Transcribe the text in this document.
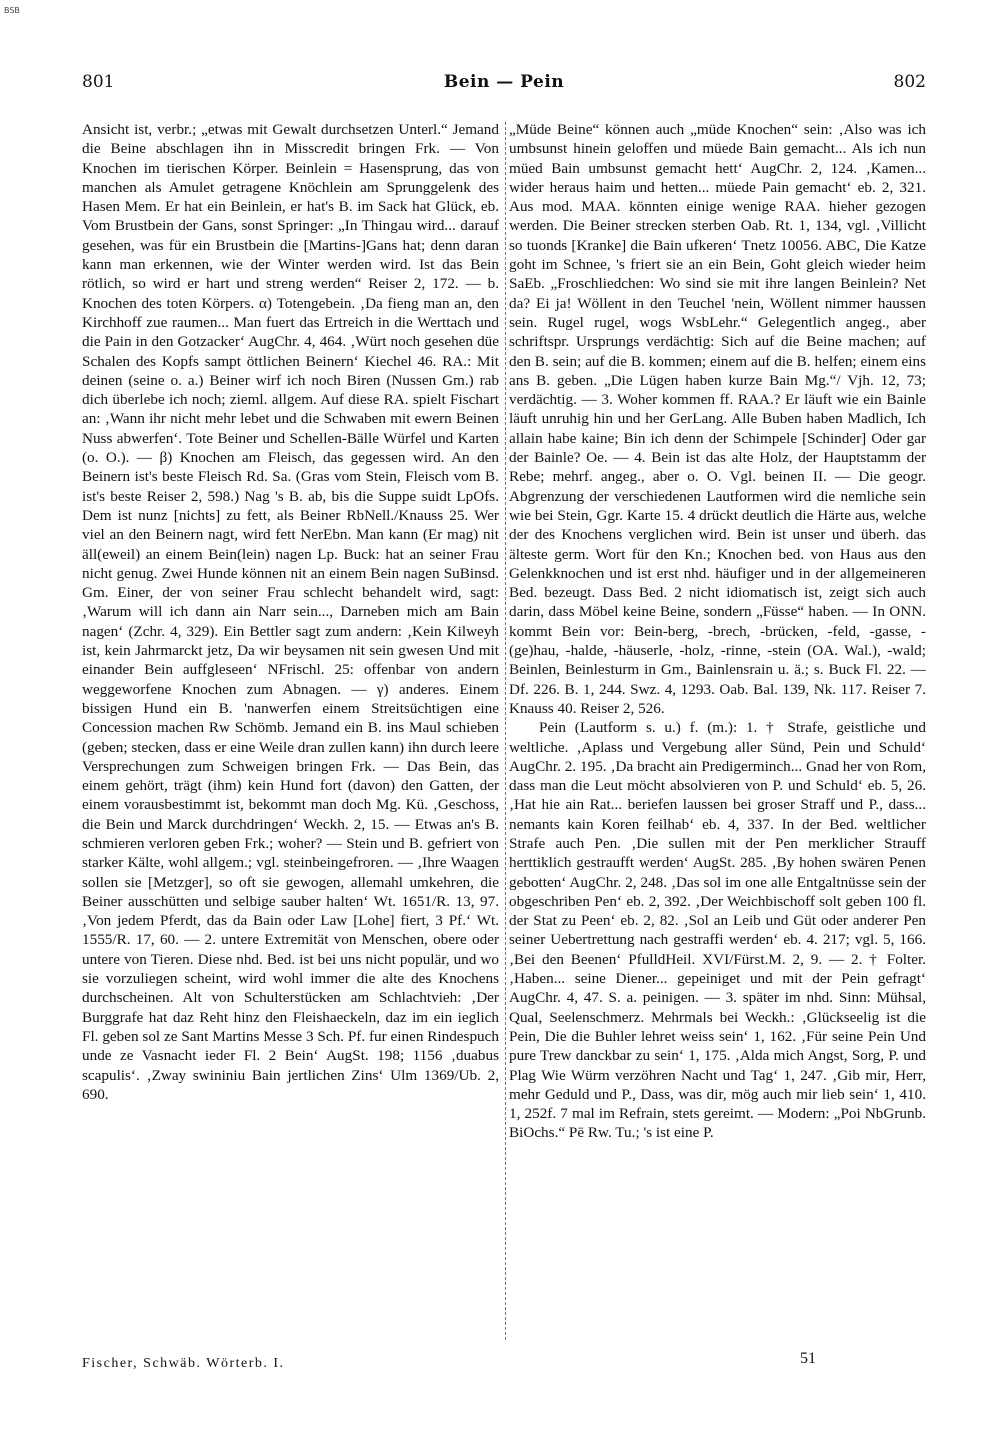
BSB
801	Bein — Pein	802

Ansicht ist, verbr.; „etwas mit Gewalt durchsetzen Unterl.“ Jemand die Beine abschlagen ihn in Misscredit bringen Frk. — Von Knochen im tierischen Körper. Beinlein = Hasensprung, das von manchen als Amulet getragene Knöchlein am Sprunggelenk des Hasen Mem. Er hat ein Beinlein, er hat's B. im Sack hat Glück, eb. Vom Brustbein der Gans, sonst Springer: „In Thingau wird... darauf gesehen, was für ein Brustbein die [Martins-]Gans hat; denn daran kann man erkennen, wie der Winter werden wird. Ist das Bein rötlich, so wird er hart und streng werden“ Reiser 2, 172. — b. Knochen des toten Körpers. α) Totengebein. ‚Da fieng man an, den Kirchhoff zue raumen... Man fuert das Ertreich in die Werttach und die Pain in den Gotzacker‘ AugChr. 4, 464. ‚Würt noch gesehen düe Schalen des Kopfs sampt öttlichen Beinern‘ Kiechel 46. RA.: Mit deinen (seine o. a.) Beiner wirf ich noch Biren (Nussen Gm.) rab dich überlebe ich noch; zieml. allgem. Auf diese RA. spielt Fischart an: ‚Wann ihr nicht mehr lebet und die Schwaben mit ewern Beinen Nuss abwerfen‘. Tote Beiner und Schellen-Bälle Würfel und Karten (o. O.). — β) Knochen am Fleisch, das gegessen wird. An den Beinern ist's beste Fleisch Rd. Sa. (Gras vom Stein, Fleisch vom B. ist's beste Reiser 2, 598.) Nag 's B. ab, bis die Suppe suidt LpOfs. Dem ist nunz [nichts] zu fett, als Beiner RbNell./Knauss 25. Wer viel an den Beinern nagt, wird fett NerEbn. Man kann (Er mag) nit äll(eweil) an einem Bein(lein) nagen Lp. Buck: hat an seiner Frau nicht genug. Zwei Hunde können nit an einem Bein nagen SuBinsd. Gm. Einer, der von seiner Frau schlecht behandelt wird, sagt: ‚Warum will ich dann ain Narr sein..., Darneben mich am Bain nagen‘ (Zchr. 4, 329). Ein Bettler sagt zum andern: ‚Kein Kilweyh ist, kein Jahrmarckt jetz, Da wir beysamen nit sein gwesen Und mit einander Bein auffgleseen‘ NFrischl. 25: offenbar von andern weggeworfene Knochen zum Abnagen. — γ) anderes. Einem bissigen Hund ein B. 'nanwerfen einem Streitsüchtigen eine Concession machen Rw Schömb. Jemand ein B. ins Maul schieben (geben; stecken, dass er eine Weile dran zullen kann) ihn durch leere Versprechungen zum Schweigen bringen Frk. — Das Bein, das einem gehört, trägt (ihm) kein Hund fort (davon) den Gatten, der einem vorausbestimmt ist, bekommt man doch Mg. Kü. ‚Geschoss, die Bein und Marck durchdringen‘ Weckh. 2, 15. — Etwas an's B. schmieren verloren geben Frk.; woher? — Stein und B. gefriert von starker Kälte, wohl allgem.; vgl. steinbeingefroren. — ‚Ihre Waagen sollen sie [Metzger], so oft sie gewogen, allemahl umkehren, die Beiner ausschütten und selbige sauber halten‘ Wt. 1651/R. 13, 97. ‚Von jedem Pferdt, das da Bain oder Law [Lohe] fiert, 3 Pf.‘ Wt. 1555/R. 17, 60. — 2. untere Extremität von Menschen, obere oder untere von Tieren. Diese nhd. Bed. ist bei uns nicht populär, und wo sie vorzuliegen scheint, wird wohl immer die alte des Knochens durchscheinen. Alt von Schulterstücken am Schlachtvieh: ‚Der Burggrafe hat daz Reht hinz den Fleishaeckeln, daz im ein ieglich Fl. geben sol ze Sant Martins Messe 3 Sch. Pf. fur einen Rindespuch unde ze Vasnacht ieder Fl. 2 Bein‘ AugSt. 198; 1156 ‚duabus scapulis‘. ‚Zway swininiu Bain jertlichen Zins‘ Ulm 1369/Ub. 2, 690.

„Müde Beine“ können auch „müde Knochen“ sein: ‚Also was ich umbsunst hinein geloffen und müede Bain gemacht... Als ich nun müed Bain umbsunst gemacht hett‘ AugChr. 2, 124. ‚Kamen... wider heraus haim und hetten... müede Pain gemacht‘ eb. 2, 321. Aus mod. MAA. könnten einige wenige RAA. hieher gezogen werden. Die Beiner strecken sterben Oab. Rt. 1, 134, vgl. ‚Villicht so tuonds [Kranke] die Bain ufkeren‘ Tnetz 10056. ABC, Die Katze goht im Schnee, 's friert sie an ein Bein, Goht gleich wieder heim SaEb. „Froschliedchen: Wo sind sie mit ihre langen Beinlein? Net da? Ei ja! Wöllent in den Teuchel 'nein, Wöllent nimmer haussen sein. Rugel rugel, wogs WsbLehr.“ Gelegentlich angeg., aber schriftspr. Ursprungs verdächtig: Sich auf die Beine machen; auf den B. sein; auf die B. kommen; einem auf die B. helfen; einem eins ans B. geben. „Die Lügen haben kurze Bain Mg.“/ Vjh. 12, 73; verdächtig. — 3. Woher kommen ff. RAA.? Er läuft wie ein Bainle läuft unruhig hin und her GerLang. Alle Buben haben Madlich, Ich allain habe kaine; Bin ich denn der Schimpele [Schinder] Oder gar der Bainle? Oe. — 4. Bein ist das alte Holz, der Hauptstamm der Rebe; mehrf. angeg., aber o. O. Vgl. beinen II. — Die geogr. Abgrenzung der verschiedenen Lautformen wird die nemliche sein wie bei Stein, Ggr. Karte 15. 4 drückt deutlich die Härte aus, welche der des Knochens verglichen wird. Bein ist unser und überh. das älteste germ. Wort für den Kn.; Knochen bed. von Haus aus den Gelenkknochen und ist erst nhd. häufiger und in der allgemeineren Bed. bezeugt. Dass Bed. 2 nicht idiomatisch ist, zeigt sich auch darin, dass Möbel keine Beine, sondern „Füsse“ haben. — In ONN. kommt Bein vor: Bein-berg, -brech, -brücken, -feld, -gasse, -(ge)hau, -halde, -häuserle, -holz, -rinne, -stein (OA. Wal.), -wald; Beinlen, Beinlesturm in Gm., Bainlensrain u. ä.; s. Buck Fl. 22. — Df. 226. B. 1, 244. Swz. 4, 1293. Oab. Bal. 139, Nk. 117. Reiser 7. Knauss 40. Reiser 2, 526.

Pein (Lautform s. u.) f. (m.): 1. † Strafe, geistliche und weltliche. ‚Aplass und Vergebung aller Sünd, Pein und Schuld‘ AugChr. 2. 195. ‚Da bracht ain Predigerminch... Gnad her von Rom, dass man die Leut möcht absolvieren von P. und Schuld‘ eb. 5, 26. ‚Hat hie ain Rat... beriefen laussen bei groser Straff und P., dass... nemants kain Koren feilhab‘ eb. 4, 337. In der Bed. weltlicher Strafe auch Pen. ‚Die sullen mit der Pen merklicher Strauff herttiklich gestraufft werden‘ AugSt. 285. ‚By hohen swären Penen gebotten‘ AugChr. 2, 248. ‚Das sol im one alle Entgaltnüsse sein der obgeschriben Pen‘ eb. 2, 392. ‚Der Weichbischoff solt geben 100 fl. der Stat zu Peen‘ eb. 2, 82. ‚Sol an Leib und Güt oder anderer Pen seiner Uebertrettung nach gestraffi werden‘ eb. 4. 217; vgl. 5, 166. ‚Bei den Beenen‘ PfulldHeil. XVI/Fürst.M. 2, 9. — 2. † Folter. ‚Haben... seine Diener... gepeiniget und mit der Pein gefragt‘ AugChr. 4, 47. S. a. peinigen. — 3. später im nhd. Sinn: Mühsal, Qual, Seelenschmerz. Mehrmals bei Weckh.: ‚Glückseelig ist die Pein, Die die Buhler lehret weiss sein‘ 1, 162. ‚Für seine Pein Und pure Trew danckbar zu sein‘ 1, 175. ‚Alda mich Angst, Sorg, P. und Plag Wie Würm verzöhren Nacht und Tag‘ 1, 247. ‚Gib mir, Herr, mehr Geduld und P., Dass, was dir, mög auch mir lieb sein‘ 1, 410. 1, 252f. 7 mal im Refrain, stets gereimt. — Modern: „Poi NbGrunb. BiOchs.“ Pē Rw. Tu.; 's ist eine P.

Fischer, Schwäb. Wörterb. I.	51
